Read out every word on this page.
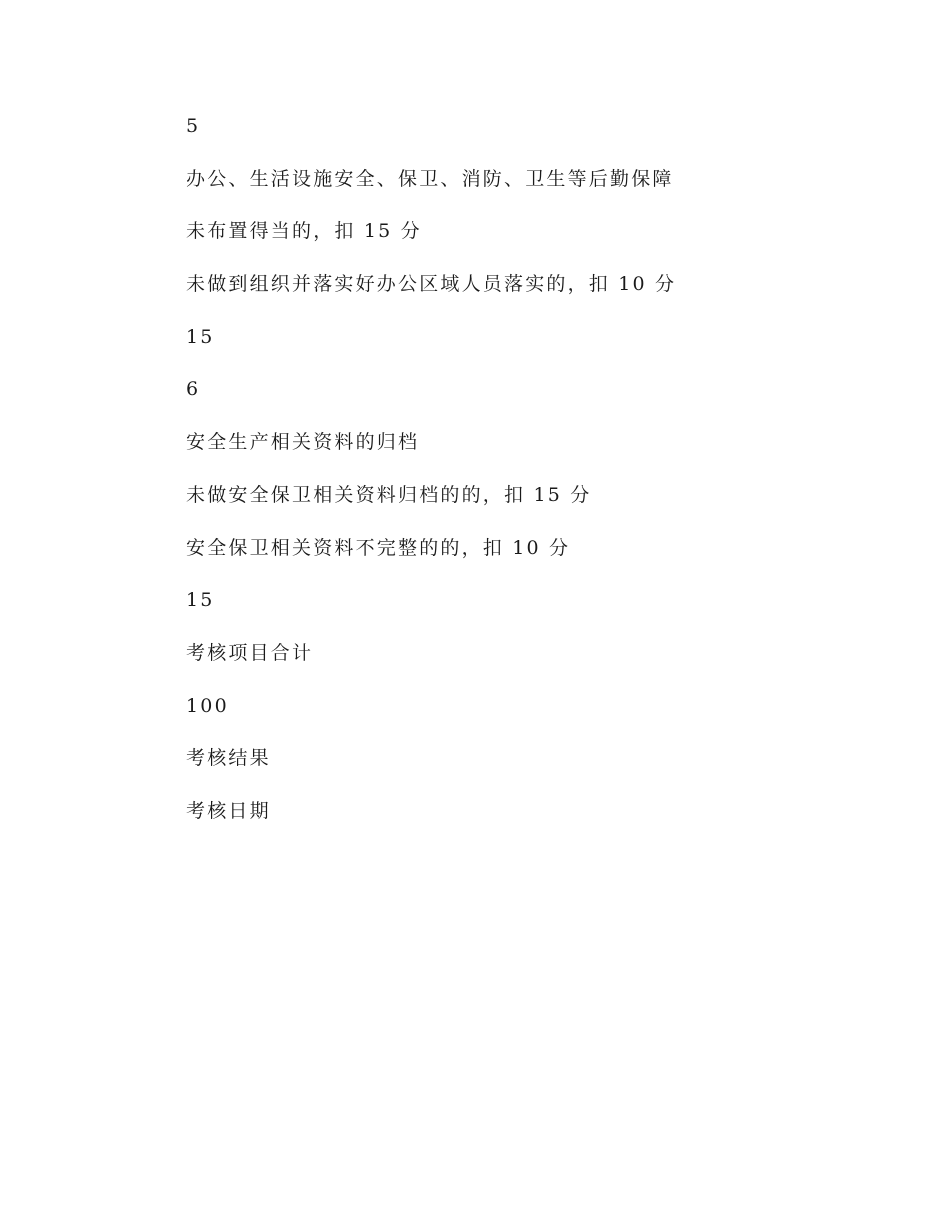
5
办公、生活设施安全、保卫、消防、卫生等后勤保障
未布置得当的，扣 15 分
未做到组织并落实好办公区域人员落实的，扣 10 分
15
6
安全生产相关资料的归档
未做安全保卫相关资料归档的的，扣 15 分
安全保卫相关资料不完整的的，扣 10 分
15
考核项目合计
100
考核结果
考核日期
